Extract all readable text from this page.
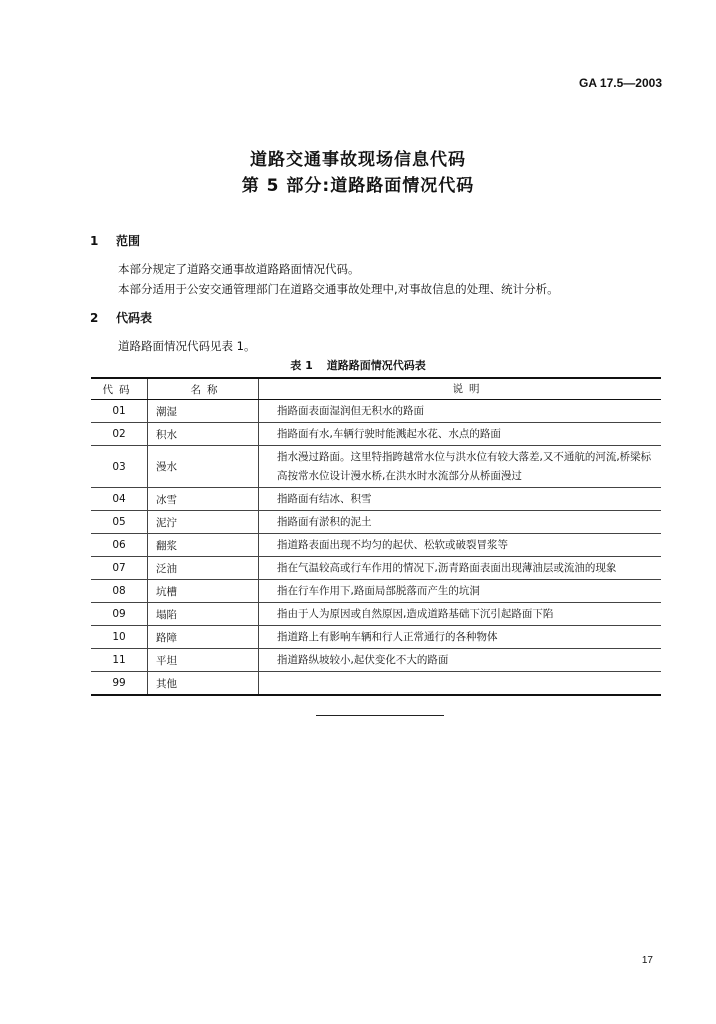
GA 17.5—2003
道路交通事故现场信息代码
第 5 部分:道路路面情况代码
1 范围
本部分规定了道路交通事故道路路面情况代码。
本部分适用于公安交通管理部门在道路交通事故处理中,对事故信息的处理、统计分析。
2 代码表
道路路面情况代码见表 1。
表 1 道路路面情况代码表
代码	名称	说明
01	潮湿	指路面表面湿润但无积水的路面
02	积水	指路面有水,车辆行驶时能溅起水花、水点的路面
03	漫水	指水漫过路面。这里特指跨越常水位与洪水位有较大落差,又不通航的河流,桥梁标高按常水位设计漫水桥,在洪水时水流部分从桥面漫过
04	冰雪	指路面有结冰、积雪
05	泥泞	指路面有淤积的泥土
06	翻浆	指道路表面出现不均匀的起伏、松软或破裂冒浆等
07	泛油	指在气温较高或行车作用的情况下,沥青路面表面出现薄油层或流油的现象
08	坑槽	指在行车作用下,路面局部脱落而产生的坑洞
09	塌陷	指由于人为原因或自然原因,造成道路基础下沉引起路面下陷
10	路障	指道路上有影响车辆和行人正常通行的各种物体
11	平坦	指道路纵坡较小,起伏变化不大的路面
99	其他	
17
